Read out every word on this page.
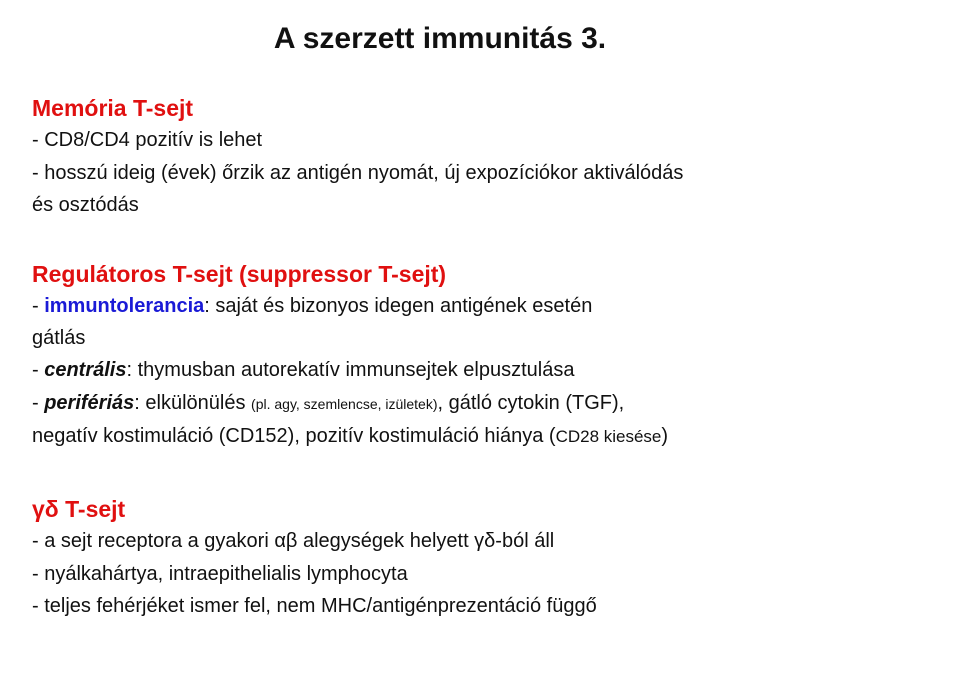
A szerzett immunitás 3.

Memória T-sejt

- CD8/CD4 pozitív is lehet

- hosszú ideig (évek) őrzik az antigén nyomát, új expozíciókor aktiválódás

és osztódás

Regulátoros T-sejt (suppressor T-sejt)

- immuntolerancia: saját és bizonyos idegen antigének esetén

gátlás

- centrális: thymusban autorekatív immunsejtek elpusztulása

- perifériás: elkülönülés (pl. agy, szemlencse, izületek), gátló cytokin (TGF),

negatív kostimuláció (CD152), pozitív kostimuláció hiánya (CD28 kiesése)

γδ T-sejt

- a sejt receptora a gyakori αβ alegységek helyett γδ-ból áll

- nyálkahártya, intraepithelialis lymphocyta

- teljes fehérjéket ismer fel, nem MHC/antigénprezentáció függő
